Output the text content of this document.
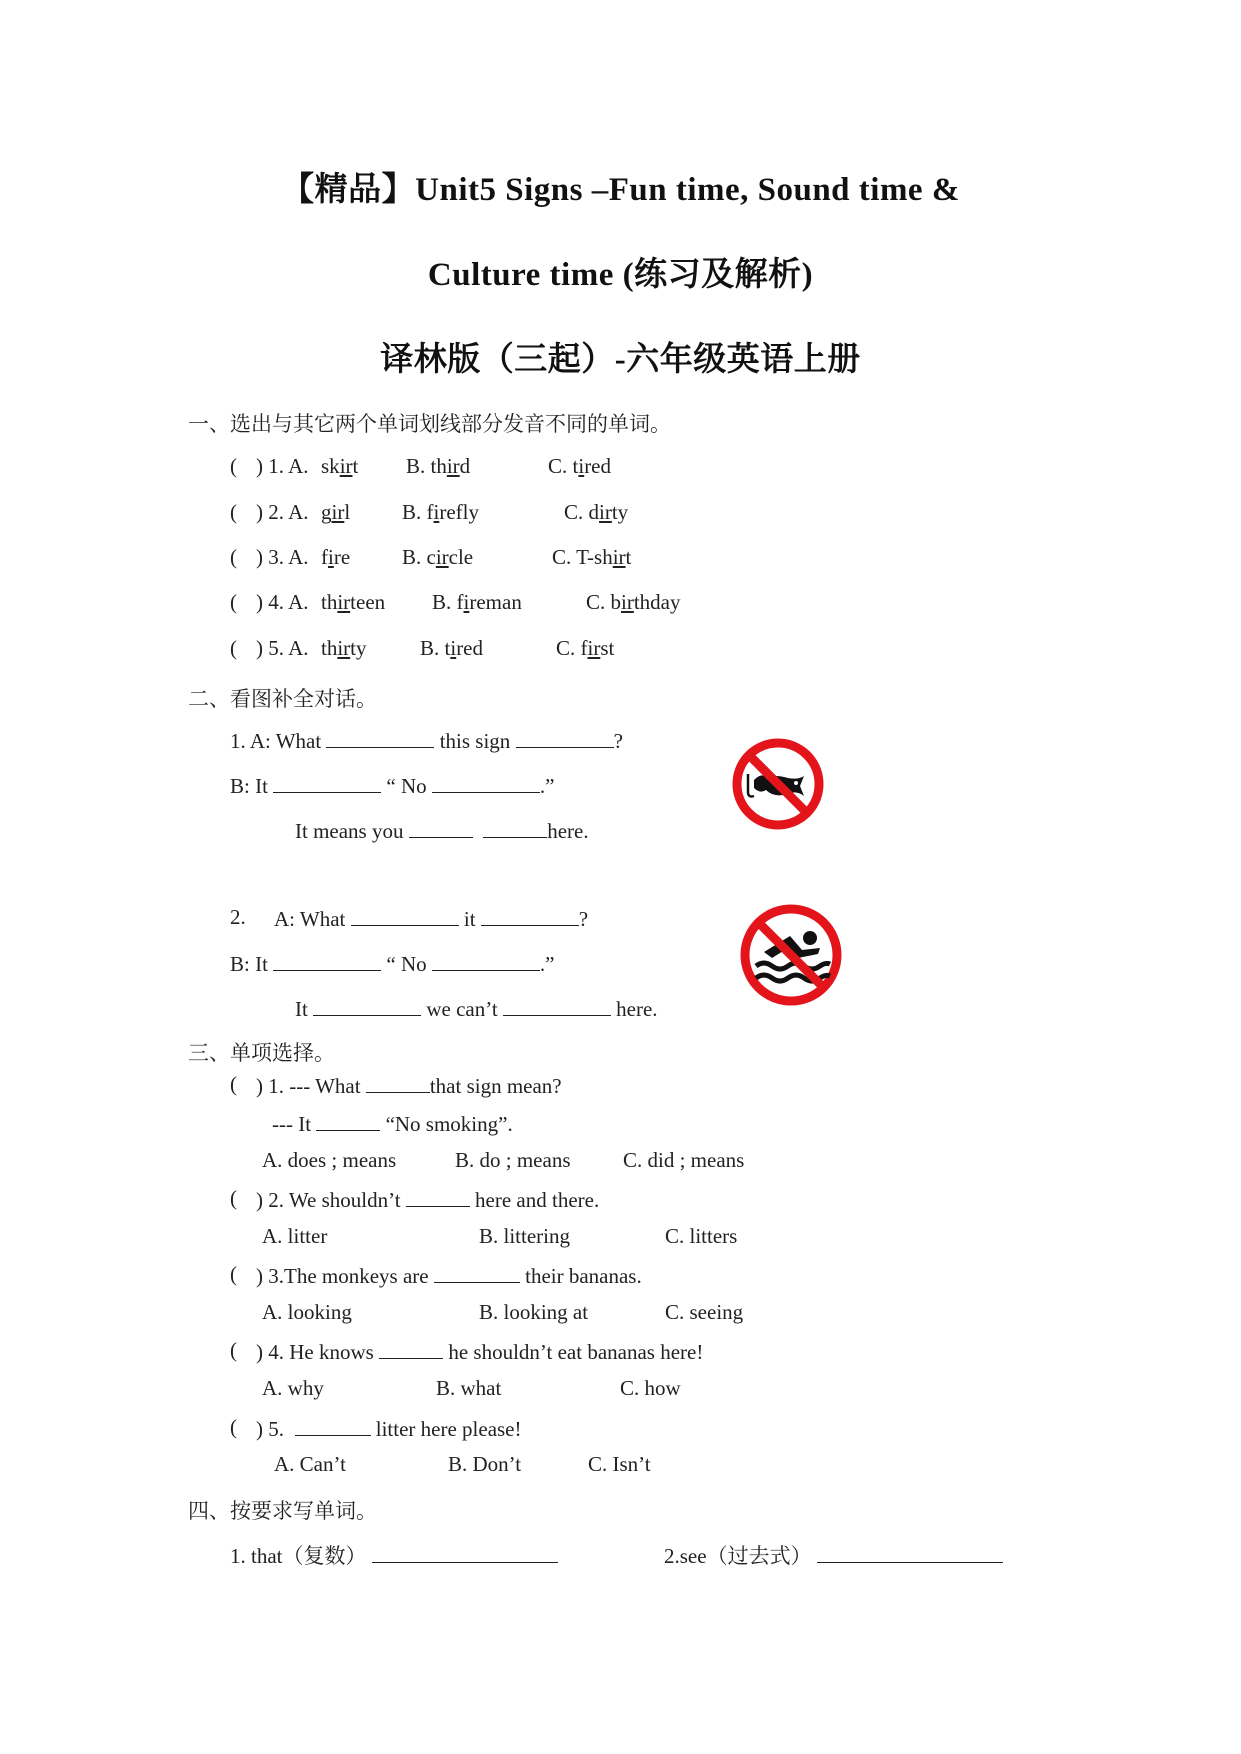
【精品】Unit5 Signs –Fun time, Sound time &
Culture time (练习及解析)
译林版（三起）-六年级英语上册
一、选出与其它两个单词划线部分发音不同的单词。
( ) 1. A. skirt B. third	C. tired
( ) 2. A. girl B. firefly	C. dirty
( ) 3. A. fire B. circle	C. T-shirt
( ) 4. A. thirteen B. fireman	C. birthday
( ) 5. A. thirty	B. tired	C. first
二、看图补全对话。
1. A: What	this sign	?
B: It	“ No	.”
It means you	here.
2. A: What	it	?
B: It	“ No	.”
It	we can’t	here.
三、单项选择。
( ) 1. --- What	that sign mean?
--- It	“No smoking”.
A. does ; means	B. do ; means	C. did ; means
( ) 2. We shouldn’t	here and there.
A. litter	B. littering	C. litters
( ) 3.The monkeys are	their bananas.
A. looking	B. looking at	C. seeing
( ) 4. He knows	he shouldn’t eat bananas here!
A. why	B. what	C. how
( ) 5.	litter here please!
A. Can’t	B. Don’t	C. Isn’t
四、按要求写单词。
1. that（复数）	2.see（过去式）
